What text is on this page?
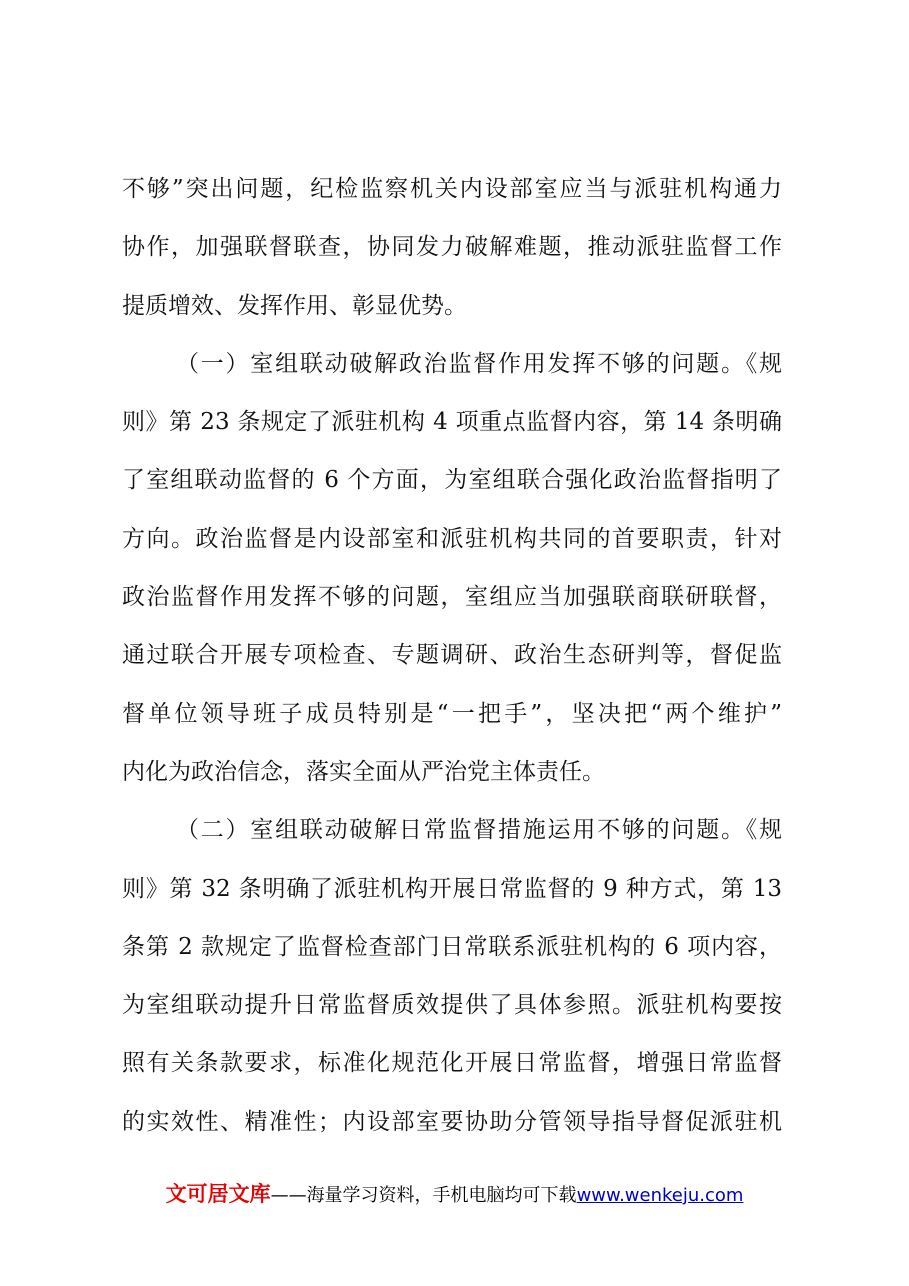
不够”突出问题，纪检监察机关内设部室应当与派驻机构通力
协作，加强联督联查，协同发力破解难题，推动派驻监督工作
提质增效、发挥作用、彰显优势。
（一）室组联动破解政治监督作用发挥不够的问题。《规
则》第 23 条规定了派驻机构 4 项重点监督内容，第 14 条明确
了室组联动监督的 6 个方面，为室组联合强化政治监督指明了
方向。政治监督是内设部室和派驻机构共同的首要职责，针对
政治监督作用发挥不够的问题，室组应当加强联商联研联督，
通过联合开展专项检查、专题调研、政治生态研判等，督促监
督单位领导班子成员特别是“一把手”，坚决把“两个维护”
内化为政治信念，落实全面从严治党主体责任。
（二）室组联动破解日常监督措施运用不够的问题。《规
则》第 32 条明确了派驻机构开展日常监督的 9 种方式，第 13
条第 2 款规定了监督检查部门日常联系派驻机构的 6 项内容，
为室组联动提升日常监督质效提供了具体参照。派驻机构要按
照有关条款要求，标准化规范化开展日常监督，增强日常监督
的实效性、精准性；内设部室要协助分管领导指导督促派驻机
文可居文库——海量学习资料，手机电脑均可下载www.wenkeju.com
